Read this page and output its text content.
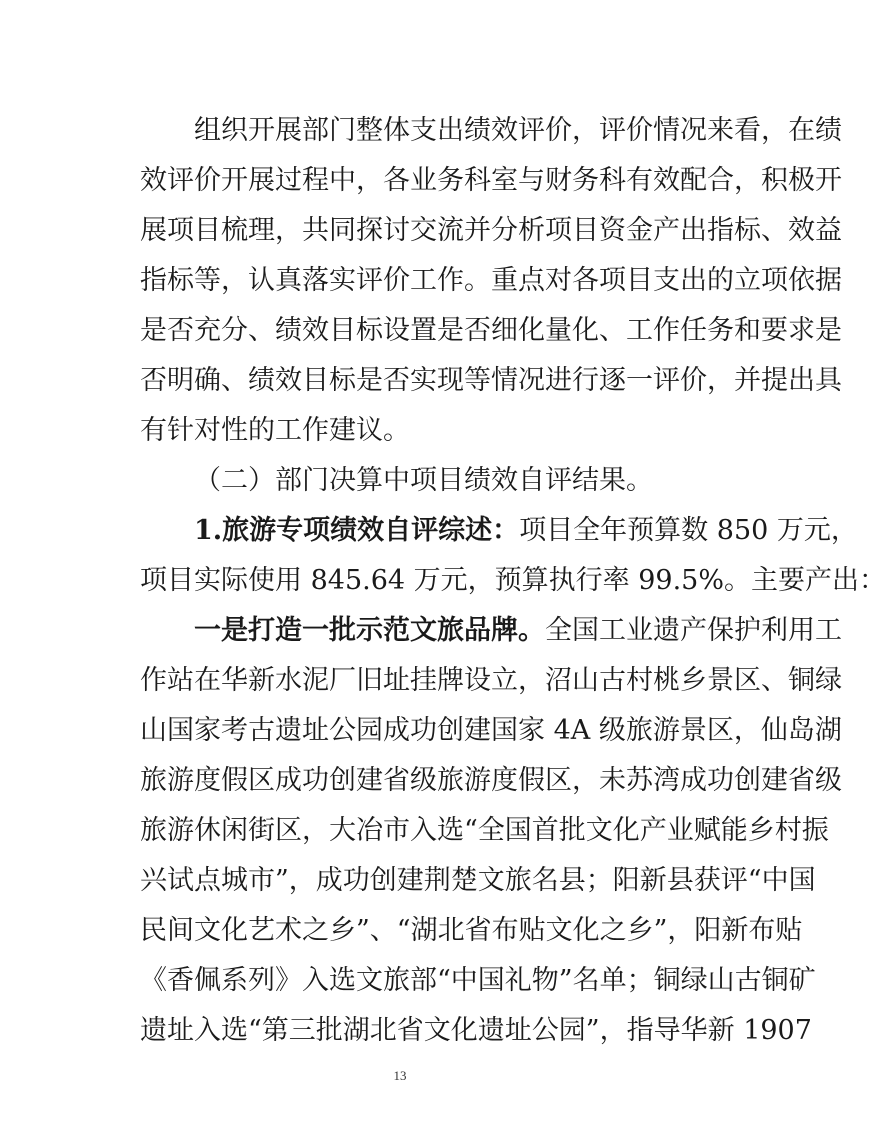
组织开展部门整体支出绩效评价，评价情况来看，在绩
效评价开展过程中，各业务科室与财务科有效配合，积极开
展项目梳理，共同探讨交流并分析项目资金产出指标、效益
指标等，认真落实评价工作。重点对各项目支出的立项依据
是否充分、绩效目标设置是否细化量化、工作任务和要求是
否明确、绩效目标是否实现等情况进行逐一评价，并提出具
有针对性的工作建议。
（二）部门决算中项目绩效自评结果。
1.旅游专项绩效自评综述：项目全年预算数 850 万元，
项目实际使用 845.64 万元，预算执行率 99.5%。主要产出：
一是打造一批示范文旅品牌。全国工业遗产保护利用工
作站在华新水泥厂旧址挂牌设立，沼山古村桃乡景区、铜绿
山国家考古遗址公园成功创建国家 4A 级旅游景区，仙岛湖
旅游度假区成功创建省级旅游度假区，未苏湾成功创建省级
旅游休闲街区，大冶市入选“全国首批文化产业赋能乡村振
兴试点城市”，成功创建荆楚文旅名县；阳新县获评“中国
民间文化艺术之乡”、“湖北省布贴文化之乡”，阳新布贴
《香佩系列》入选文旅部“中国礼物”名单；铜绿山古铜矿
遗址入选“第三批湖北省文化遗址公园”，指导华新 1907
13
